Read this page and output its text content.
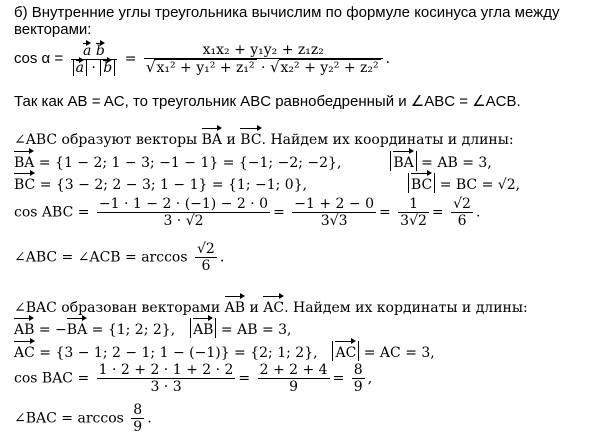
б) Внутренние углы треугольника вычислим по формуле косинуса угла между
векторами:
$\cos \alpha = \frac{\text{a b}}{a \cdot b} = \frac{\text{x₁x₂ + y₁y₂ + z₁z₂}}{\text{√x₁² + y₁² + z₁² · √x₂² + y₂² + z₂²}}$ .
Так как AB = AC, то треугольник ABC равнобедренный и ∠ABC = ∠ACB.
∠ABC образуют векторы BA и BC. Найдем их координаты и длины:
BA = {1 − 2; 1 − 3; −1 − 1} = {−1; −2; −2},	BA = AB = 3,
BC = {3 − 2; 2 − 3; 1 − 1} = {1; −1; 0},	BC = BC = √2,
cos ABC = $\frac{-1 \cdot 1 - 2 \cdot (-1) - 2 \cdot 0}{3 \cdot √2} = \frac{-1 + 2 - 0}{3√3} = \frac{1}{3√2} = \frac{√2}{6}$ .
∠ABC = ∠ACB = $\arccos \frac{√2}{6}$ .
∠BAC образован векторами AB и AC. Найдем их кординаты и длины:
AB = −BA = {1; 2; 2}, AB = AB = 3,
AC = {3 − 1; 2 − 1; 1 − (−1)} = {2; 1; 2}, AC = AC = 3,
cos BAC = $\frac{1 \cdot 2 + 2 \cdot 1 + 2 \cdot 2}{3 \cdot 3} = \frac{2 + 2 + 4}{9} = \frac{8}{9}$ ,
∠BAC = $\arccos \frac{8}{9}$ .
